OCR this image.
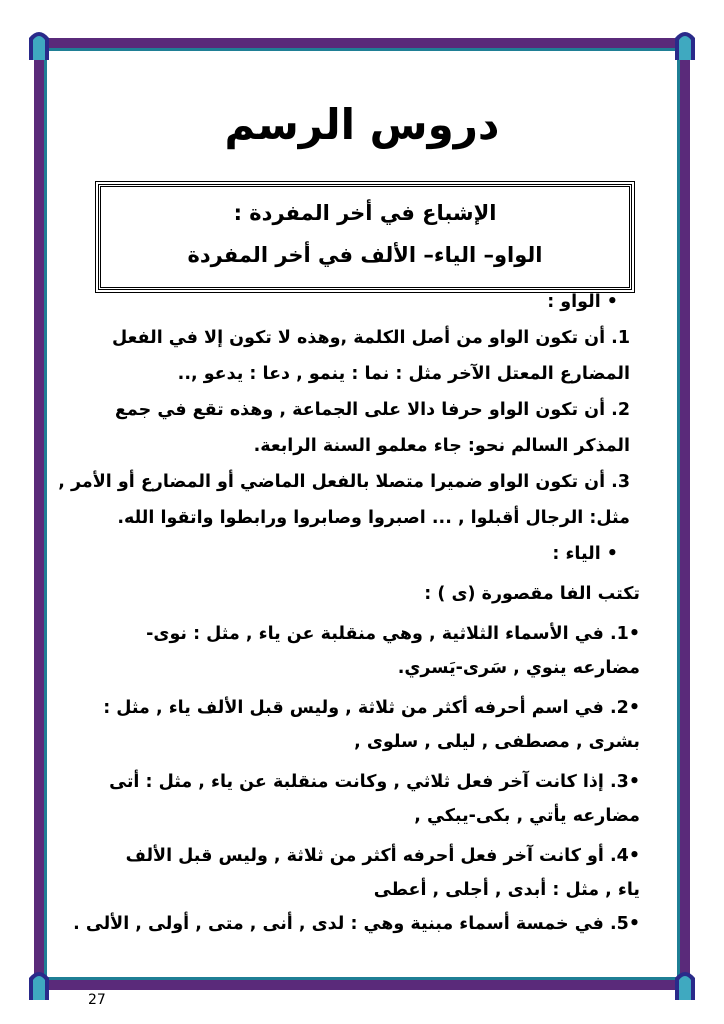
دروس الرسم
الإشباع في أخر المفردة :
الواو– الياء– الألف في أخر المفردة
• الواو :
1. أن تكون الواو من أصل الكلمة ,وهذه لا تكون إلا في الفعل
المضارع المعتل الآخر مثل : نما : ينمو , دعا : يدعو ,..
2. أن تكون الواو حرفا دالا على الجماعة , وهذه تقع في جمع
المذكر السالم نحو: جاء معلمو السنة الرابعة.
3. أن تكون الواو ضميرا متصلا بالفعل الماضي أو المضارع أو الأمر ,
مثل: الرجال أقبلوا , ... اصبروا وصابروا ورابطوا واتقوا الله.
• الياء :
تكتب الفا مقصورة (ى ) :
•1. في الأسماء الثلاثية , وهي منقلبة عن ياء , مثل : نوى-
مضارعه ينوي , سَرى-يَسري.
•2. في اسم أحرفه أكثر من ثلاثة , وليس قبل الألف ياء , مثل :
بشرى , مصطفى , ليلى , سلوى ,
•3. إذا كانت آخر فعل ثلاثي , وكانت منقلبة عن ياء , مثل : أتى
مضارعه يأتي , بكى-يبكي ,
•4. أو كانت آخر فعل أحرفه أكثر من ثلاثة , وليس قبل الألف
ياء , مثل : أبدى , أجلى , أعطى
•5. في خمسة أسماء مبنية وهي : لدى , أنى , متى , أولى , الألى .
27
